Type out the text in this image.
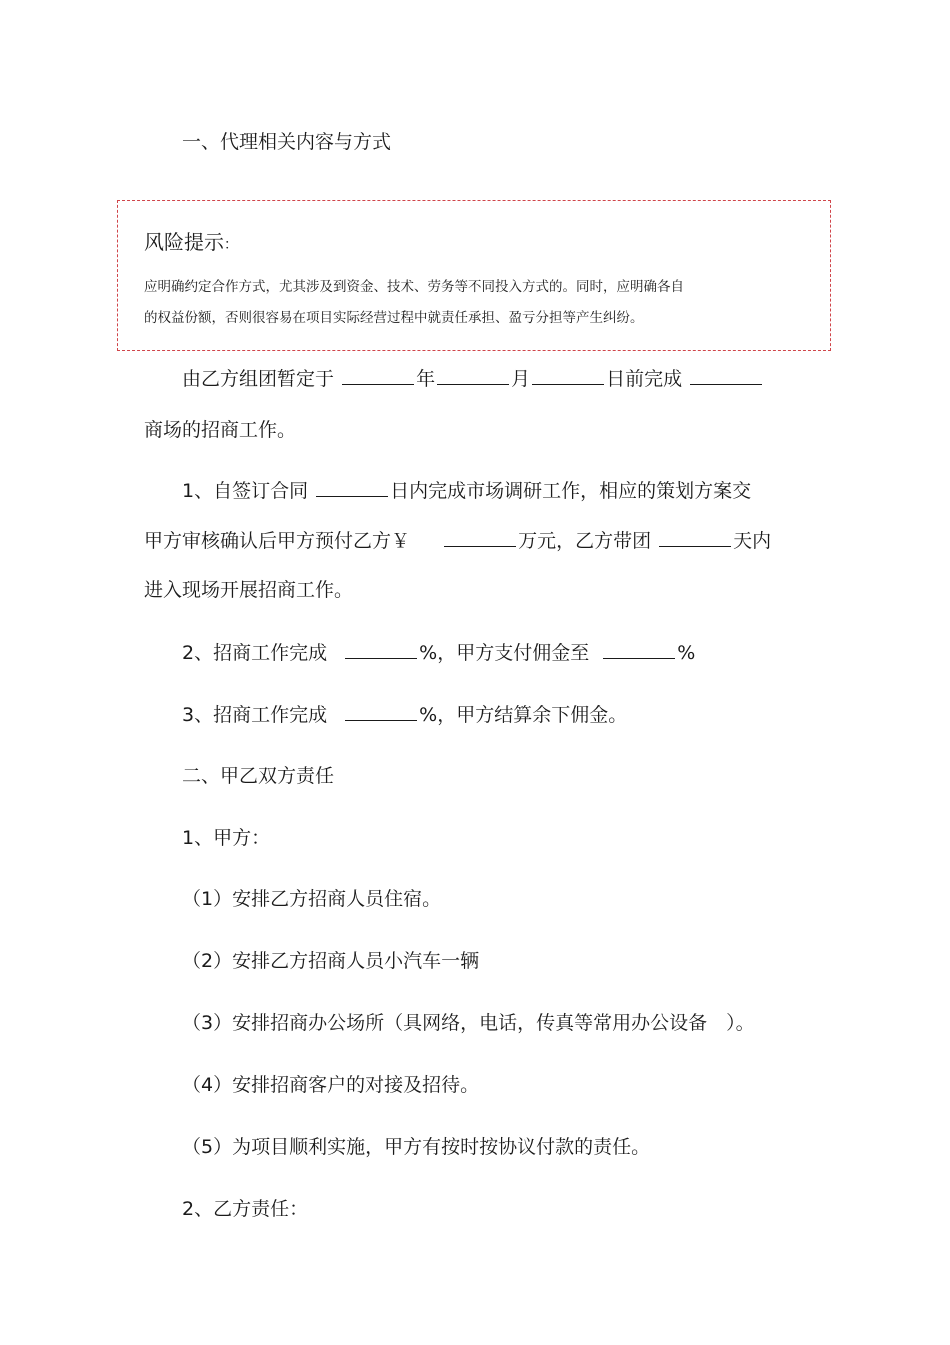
一、代理相关内容与方式
风险提示：
应明确约定合作方式，尤其涉及到资金、技术、劳务等不同投入方式的。同时，应明确各自
的权益份额，否则很容易在项目实际经营过程中就责任承担、盈亏分担等产生纠纷。
由乙方组团暂定于	年	月	日前完成
商场的招商工作。
1、自签订合同	日内完成市场调研工作，相应的策划方案交
甲方审核确认后甲方预付乙方￥	万元，乙方带团	天内
进入现场开展招商工作。
2、招商工作完成	%，甲方支付佣金至	%
3、招商工作完成	%，甲方结算余下佣金。
二、甲乙双方责任
1、甲方：
（1）安排乙方招商人员住宿。
（2）安排乙方招商人员小汽车一辆
（3）安排招商办公场所（具网络，电话，传真等常用办公设备　）。
（4）安排招商客户的对接及招待。
（5）为项目顺利实施，甲方有按时按协议付款的责任。
2、乙方责任：
